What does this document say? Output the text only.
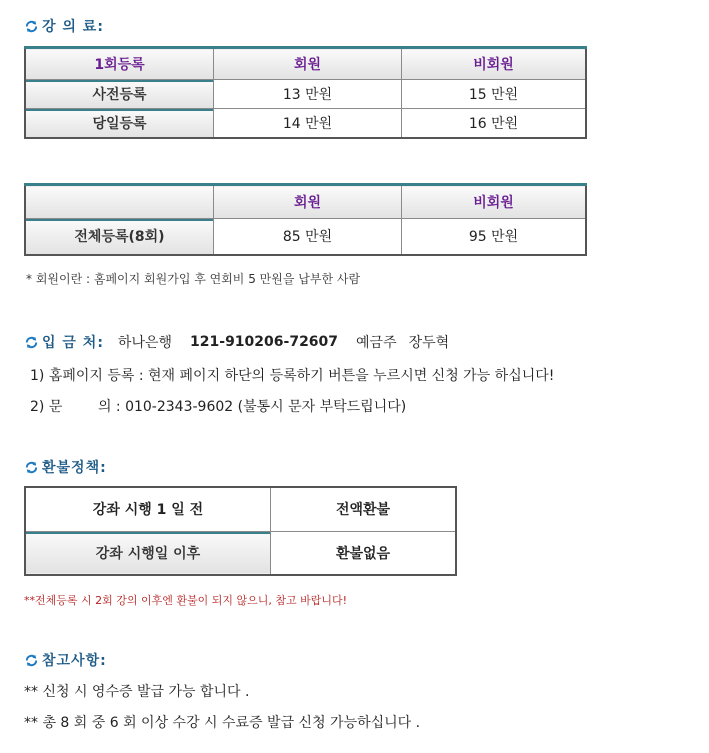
강 의 료:
1회등록	회원	비회원
사전등록	13 만원	15 만원
당일등록	14 만원	16 만원
	회원	비회원
전체등록(8회)	85 만원	95 만원
* 회원이란 : 홈페이지 회원가입 후 연회비 5 만원을 납부한 사람
입 금 처: 하나은행 121-910206-72607 예금주 장두혁
1) 홈페이지 등록 : 현재 페이지 하단의 등록하기 버튼을 누르시면 신청 가능 하십니다!
2) 문        의 : 010-2343-9602 (불통시 문자 부탁드립니다)
환불정책:
강좌 시행 1 일 전	전액환불
강좌 시행일 이후	환불없음
**전체등록 시 2회 강의 이후엔 환불이 되지 않으니, 참고 바랍니다!
참고사항:
** 신청 시 영수증 발급 가능 합니다 .
** 총 8 회 중 6 회 이상 수강 시 수료증 발급 신청 가능하십니다 .
